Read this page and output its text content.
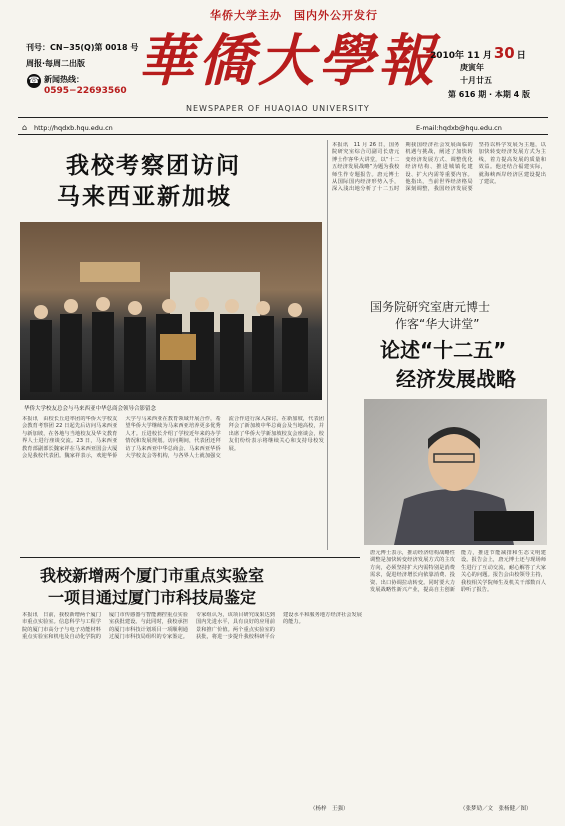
华侨大学主办　国内外公开发行
刊号：CN−35(Q)第 0018 号
周报·每周二出版
☎ 新闻热线：
0595−22693560 華僑大學報
NEWSPAPER OF HUAQIAO UNIVERSITY
2010年 11 月 30 日
庚寅年
十月廿五
第 616 期 · 本期 4 版
⌂ http://hqdxb.hqu.edu.cn	E-mail:hqdxb@hqu.edu.cn
我校考察团访问
马来西亚新加坡
华侨大学校友总会与马来西亚中华总商会领导合影留念
本报讯　由校长丘进率团的华侨大学校友会教育考察团 22 日起先后访问马来西亚与新加坡，在各地与当地校友及华文教育界人士进行座谈交流。23 日，马来西亚教育部副部长魏家祥在马来西亚国会大厦会见我校代表团。魏家祥表示，欢迎华侨大学与马来西亚在教育领域开展合作，希望华侨大学继续为马来西亚培养更多优秀人才。丘进校长介绍了学校近年来的办学情况和发展规划。访问期间，代表团还拜访了马来西亚中华总商会、马来西亚华侨大学校友会等机构，与各界人士就加强交流合作进行深入探讨。在新加坡，代表团拜会了新加坡中华总商会及当地高校，并出席了华侨大学新加坡校友会座谈会，校友们纷纷表示将继续关心和支持母校发展。
本报讯　11 月 26 日，国务院研究室综合司副司长唐元博士作客华大讲堂，以“十二五经济发展战略”为题为我校师生作专题报告。唐元博士从国际国内经济形势入手，深入浅出地分析了十二五时期我国经济社会发展面临的机遇与挑战，阐述了加快转变经济发展方式、调整优化经济结构、推进城镇化建设、扩大内需等重要内容。他指出，当前世界经济格局深刻调整，我国经济发展要坚持以科学发展为主题，以加快转变经济发展方式为主线，着力提高发展的质量和效益。他还结合福建实际，就海峡西岸经济区建设提出了建议。
国务院研究室唐元博士
作客“华大讲堂”
论述“十二五”
经济发展战略
我校新增两个厦门市重点实验室
一项目通过厦门市科技局鉴定
本报讯　日前，我校新增两个厦门市重点实验室。信息科学与工程学院的厦门市高分子与电子功能材料重点实验室和机电及自动化学院的厦门市传感器与智能测控重点实验室获批建设。与此同时，我校承担的厦门市科技计划项目一项顺利通过厦门市科技局组织的专家鉴定。专家组认为，该项目研究成果达到国内先进水平，具有良好的应用前景和推广价值。两个重点实验室的获批，将进一步提升我校科研平台建设水平和服务地方经济社会发展的能力。
（杨梓　王强）
唐元博士表示，推动经济结构战略性调整是加快转变经济发展方式的主攻方向，必须坚持扩大内需特别是消费需求，促进经济增长向依靠消费、投资、出口协调拉动转变。同时要大力发展战略性新兴产业，提高自主创新能力，推进节能减排和生态文明建设。报告会上，唐元博士还与现场师生进行了互动交流，耐心解答了大家关心的问题。报告会由校领导主持，我校相关学院师生及机关干部数百人聆听了报告。
（张梦劢／文　张杨健／图）
